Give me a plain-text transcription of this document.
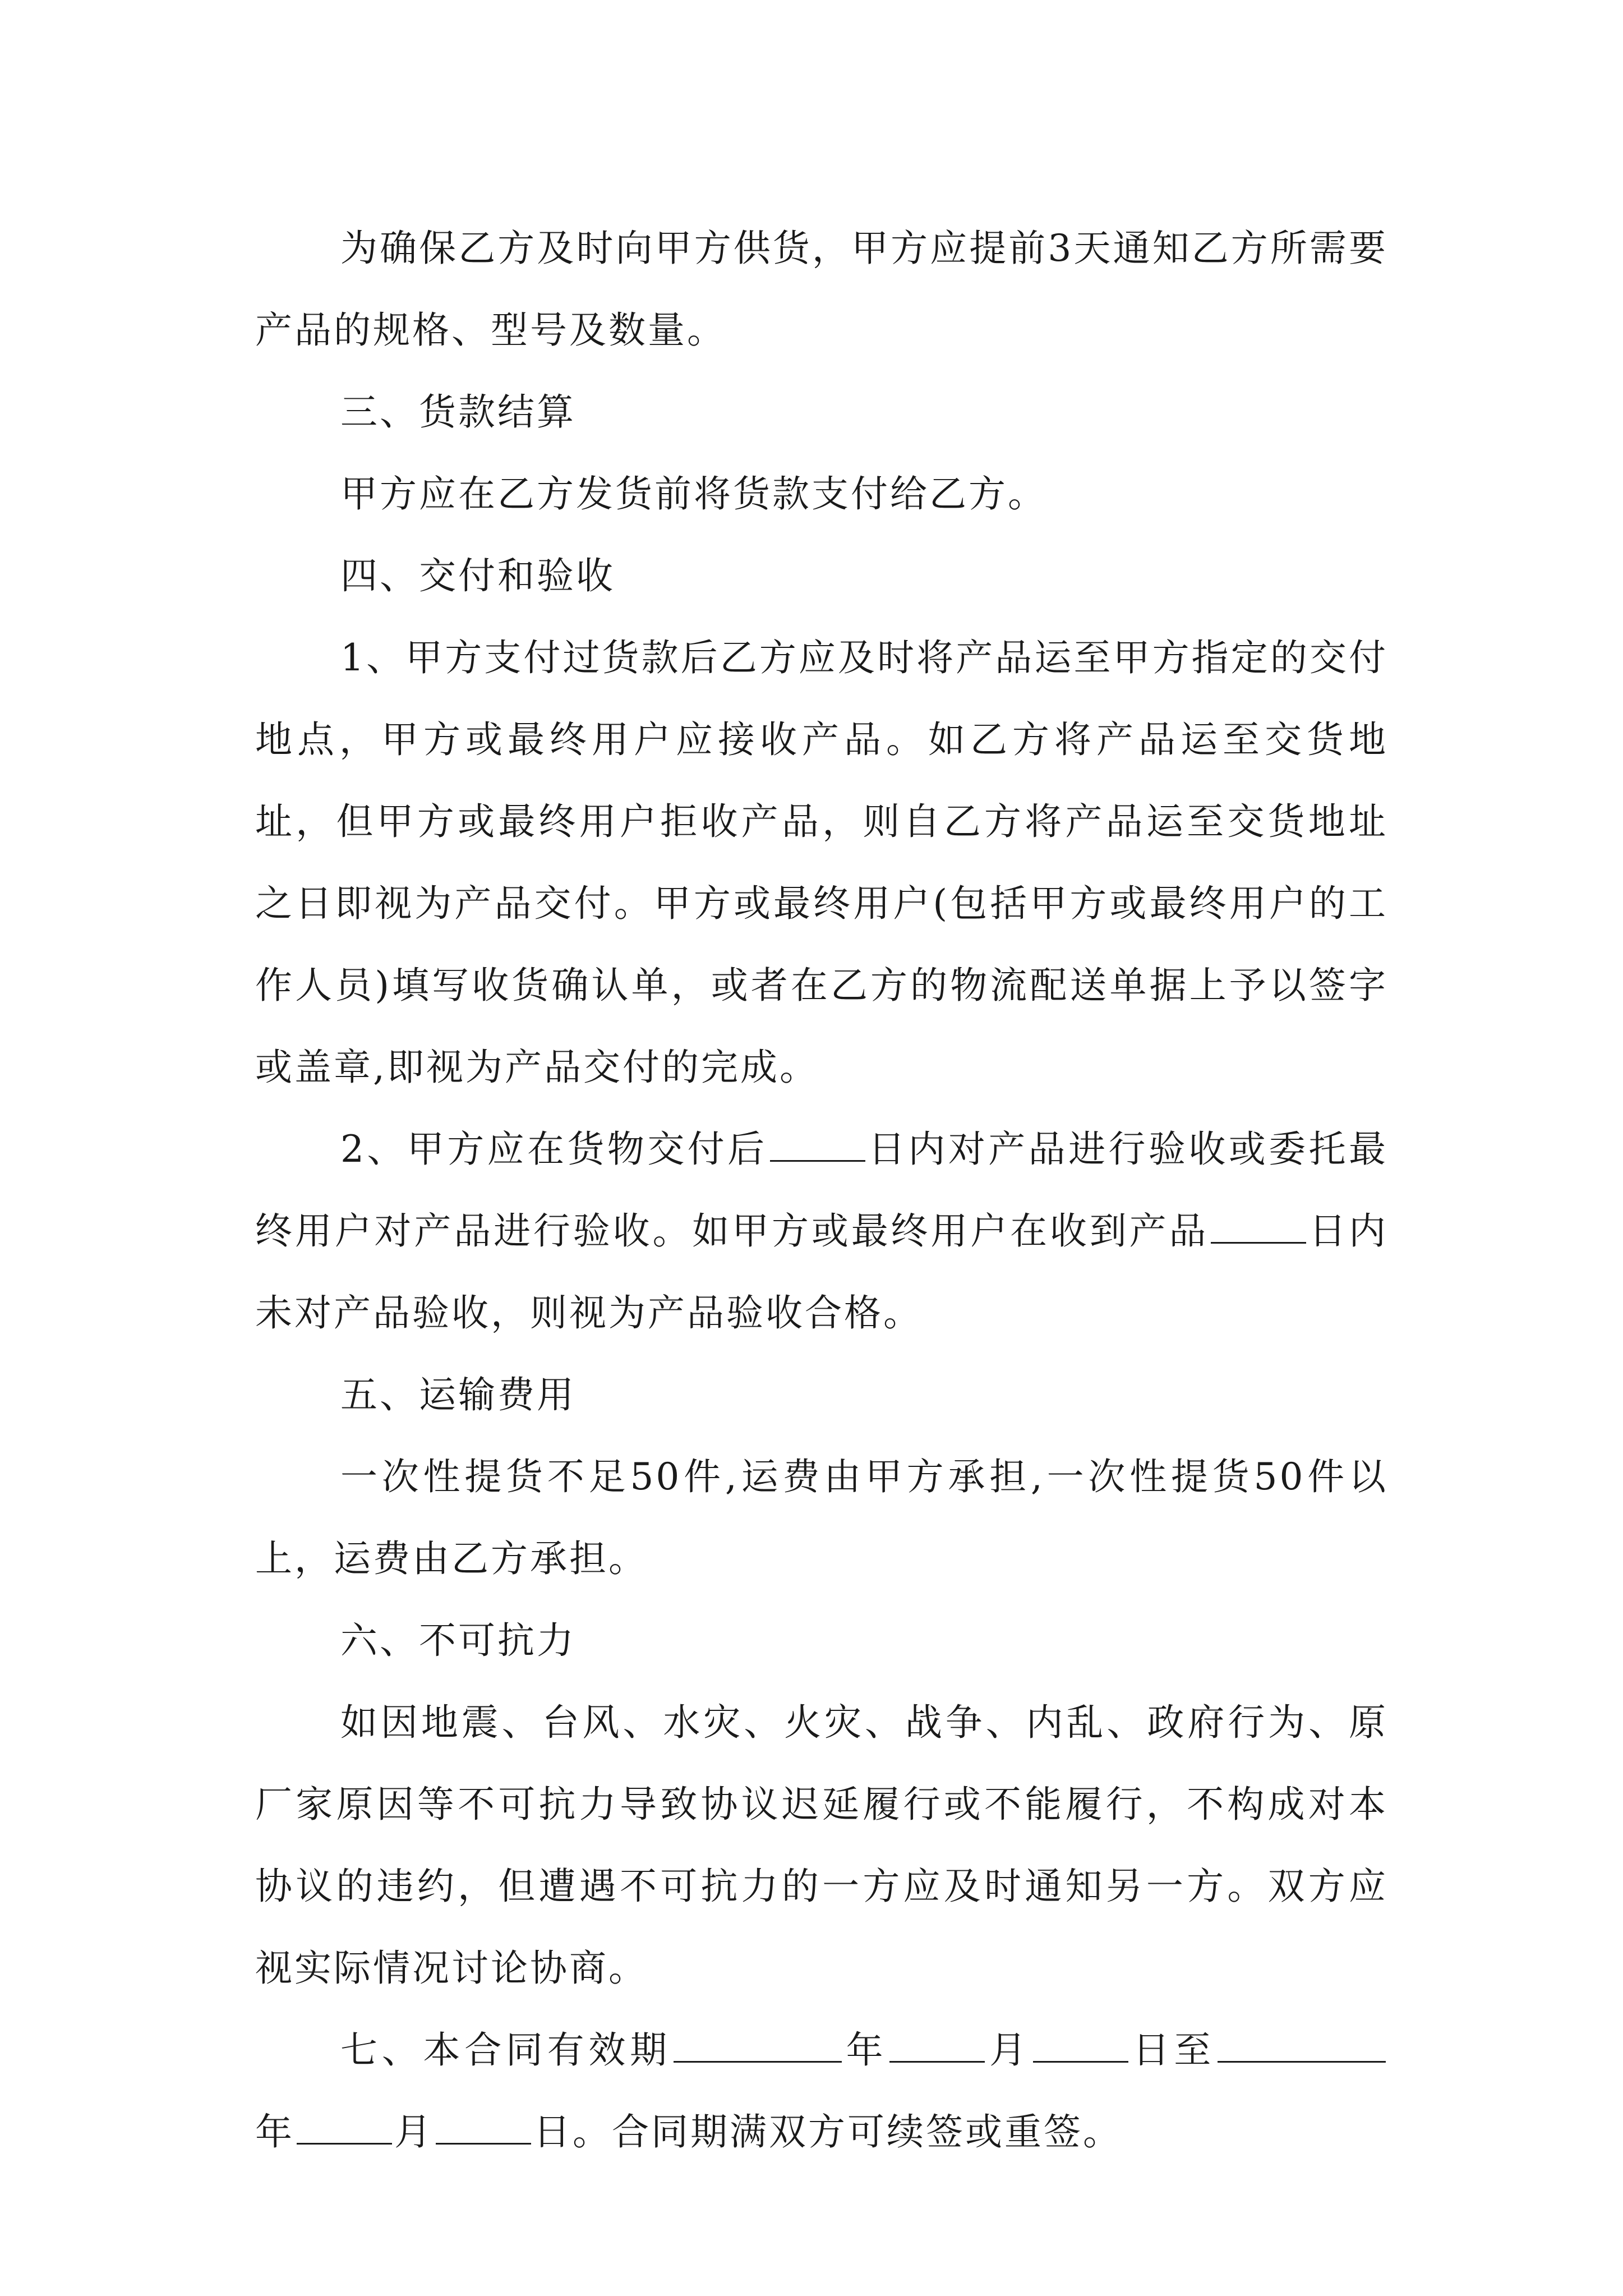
为确保乙方及时向甲方供货，甲方应提前3天通知乙方所需要产品的规格、型号及数量。

三、货款结算

甲方应在乙方发货前将货款支付给乙方。

四、交付和验收

1、甲方支付过货款后乙方应及时将产品运至甲方指定的交付地点，甲方或最终用户应接收产品。如乙方将产品运至交货地址，但甲方或最终用户拒收产品，则自乙方将产品运至交货地址之日即视为产品交付。甲方或最终用户(包括甲方或最终用户的工作人员)填写收货确认单，或者在乙方的物流配送单据上予以签字或盖章,即视为产品交付的完成。

2、甲方应在货物交付后	日内对产品进行验收或委托最终用户对产品进行验收。如甲方或最终用户在收到产品	日内未对产品验收，则视为产品验收合格。

五、运输费用

一次性提货不足50件,运费由甲方承担,一次性提货50件以上，运费由乙方承担。

六、不可抗力

如因地震、台风、水灾、火灾、战争、内乱、政府行为、原厂家原因等不可抗力导致协议迟延履行或不能履行，不构成对本协议的违约，但遭遇不可抗力的一方应及时通知另一方。双方应视实际情况讨论协商。

七、本合同有效期	年	月	日至年	月	日。合同期满双方可续签或重签。
